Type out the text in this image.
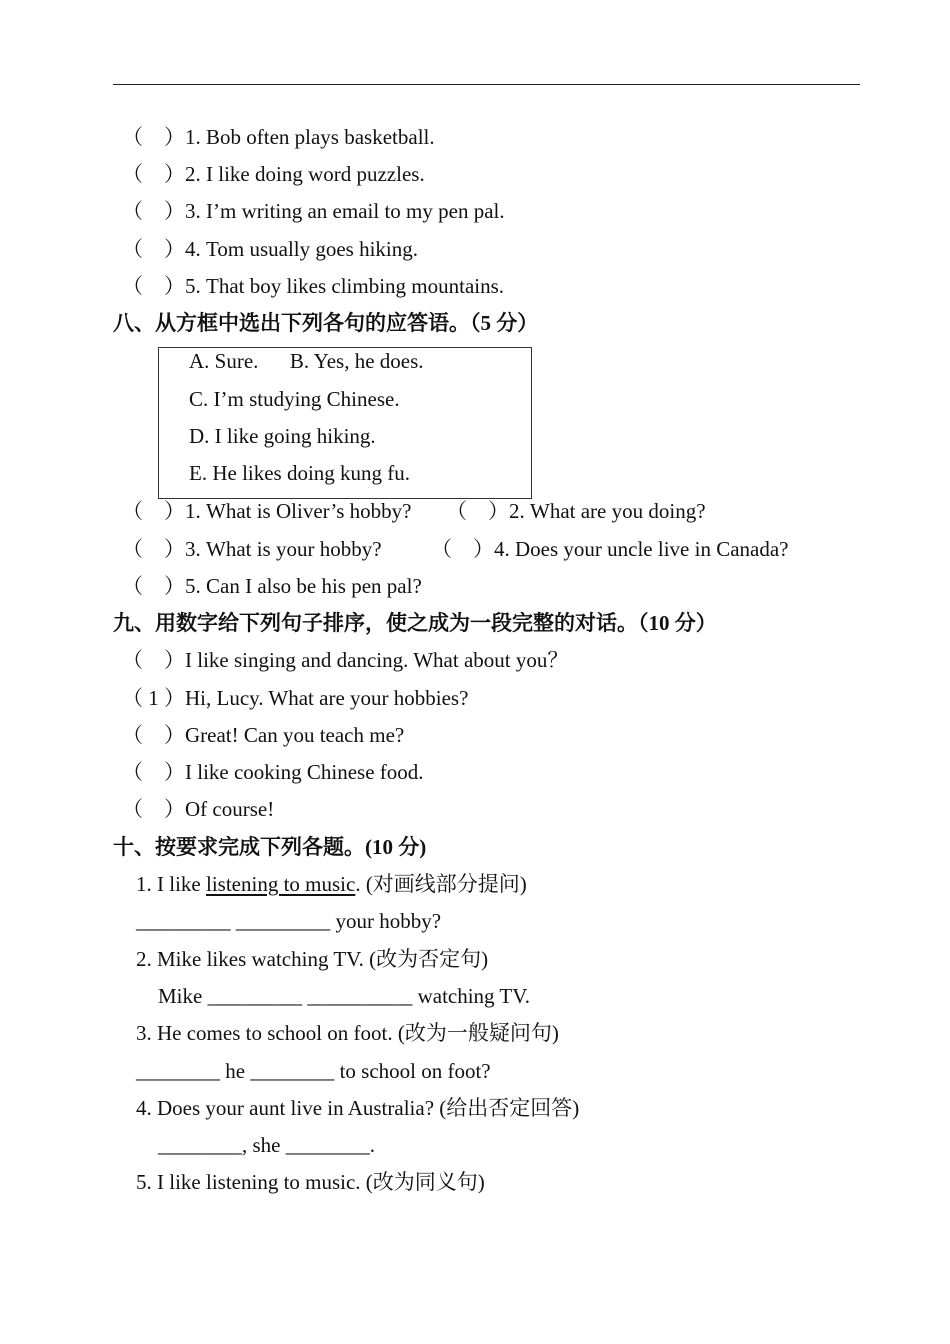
（　）1. Bob often plays basketball.
（　）2. I like doing word puzzles.
（　）3. I’m writing an email to my pen pal.
（　）4. Tom usually goes hiking.
（　）5. That boy likes climbing mountains.
八、从方框中选出下列各句的应答语。（5 分）
A. Sure.      B. Yes, he does.
C. I’m studying Chinese.
D. I like going hiking.
E. He likes doing kung fu.
（　）1. What is Oliver’s hobby? （　）2. What are you doing?
（　）3. What is your hobby? （　）4. Does your uncle live in Canada?
（　）5. Can I also be his pen pal?
九、用数字给下列句子排序，使之成为一段完整的对话。（10 分）
（　）I like singing and dancing. What about you？
（ 1 ）Hi, Lucy. What are your hobbies?
（　）Great! Can you teach me?
（　）I like cooking Chinese food.
（　）Of course!
十、按要求完成下列各题。(10 分)
1. I like listening to music. (对画线部分提问)
_________ _________ your hobby?
2. Mike likes watching TV. (改为否定句)
Mike _________ __________ watching TV.
3. He comes to school on foot. (改为一般疑问句)
________ he ________ to school on foot?
4. Does your aunt live in Australia? (给出否定回答)
________, she ________.
5. I like listening to music. (改为同义句)
